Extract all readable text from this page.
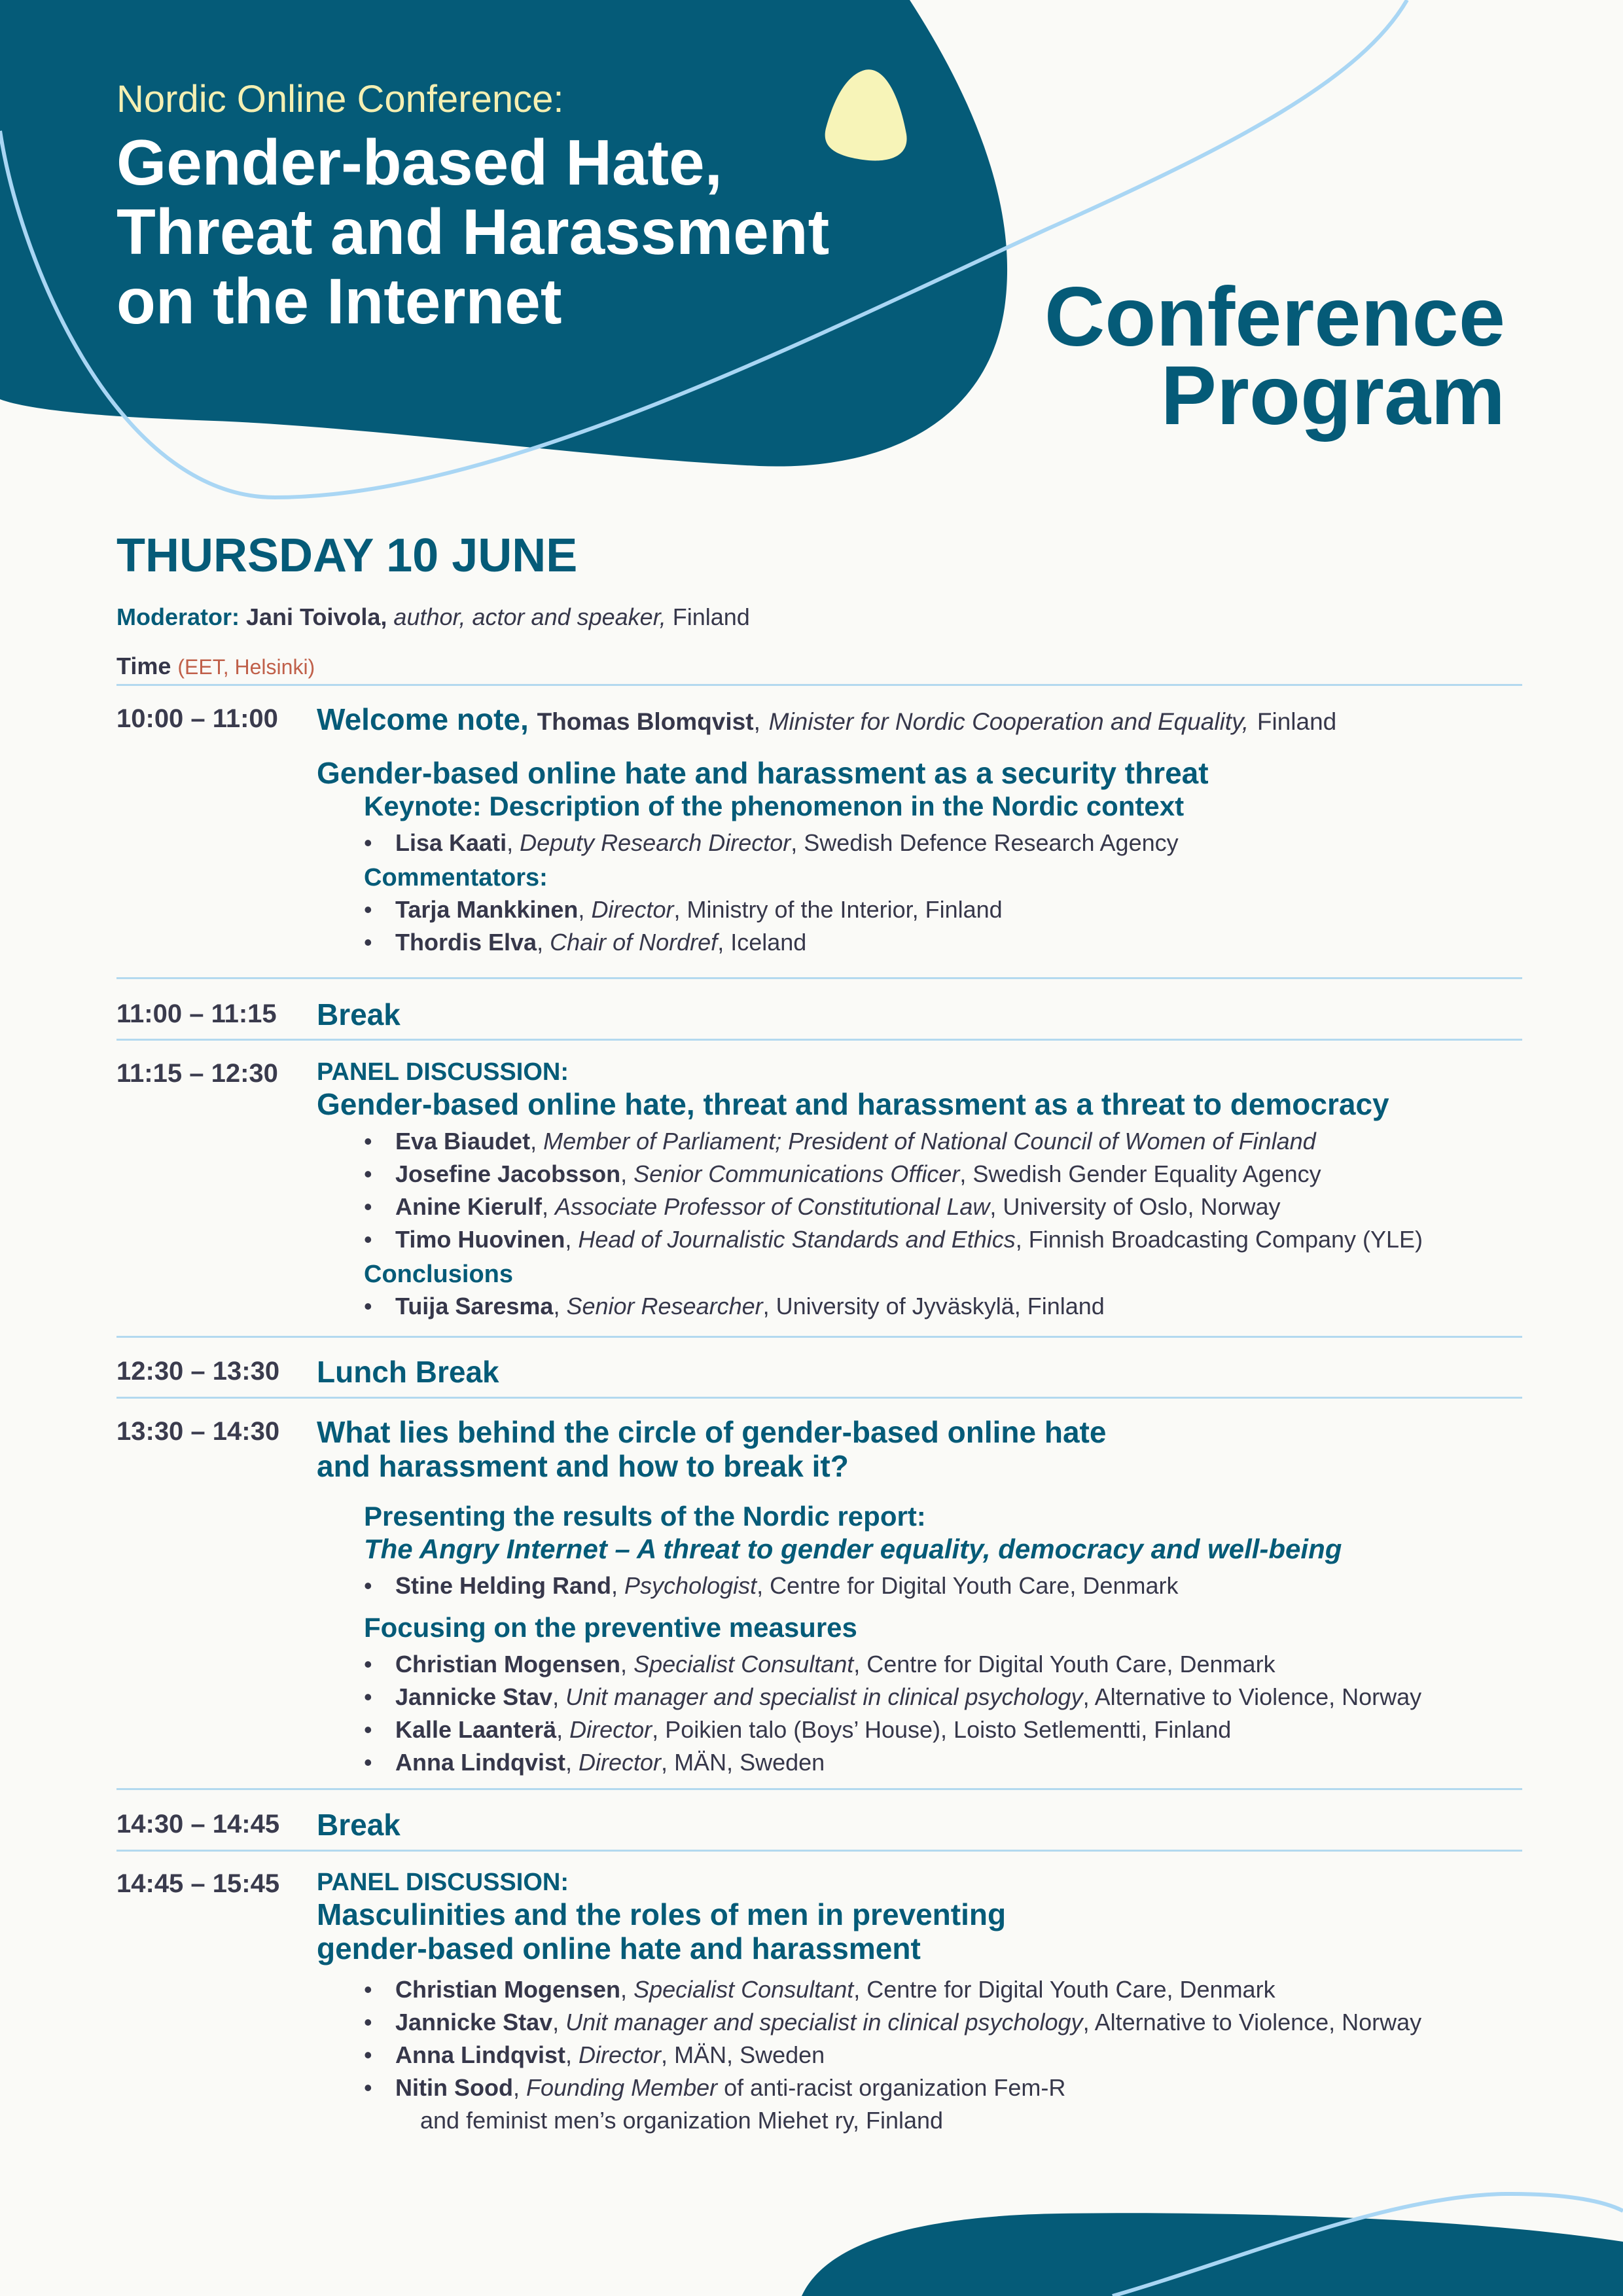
Nordic Online Conference:
Gender-based Hate,
Threat and Harassment
on the Internet	Conference
Program
THURSDAY 10 JUNE
Moderator: Jani Toivola, author, actor and speaker, Finland
Time (EET, Helsinki)
10:00 – 11:00 Welcome note, Thomas Blomqvist, Minister for Nordic Cooperation and Equality, Finland
Gender-based online hate and harassment as a security threat
Keynote: Description of the phenomenon in the Nordic context
• Lisa Kaati, Deputy Research Director, Swedish Defence Research Agency
Commentators:
• Tarja Mankkinen, Director, Ministry of the Interior, Finland
• Thordis Elva, Chair of Nordref, Iceland
11:00 – 11:15 Break
11:15 – 12:30 PANEL DISCUSSION:
Gender-based online hate, threat and harassment as a threat to democracy
• Eva Biaudet, Member of Parliament; President of National Council of Women of Finland
• Josefine Jacobsson, Senior Communications Officer, Swedish Gender Equality Agency
• Anine Kierulf, Associate Professor of Constitutional Law, University of Oslo, Norway
• Timo Huovinen, Head of Journalistic Standards and Ethics, Finnish Broadcasting Company (YLE)
Conclusions
• Tuija Saresma, Senior Researcher, University of Jyväskylä, Finland
12:30 – 13:30 Lunch Break
13:30 – 14:30 What lies behind the circle of gender-based online hate
and harassment and how to break it?
Presenting the results of the Nordic report:
The Angry Internet – A threat to gender equality, democracy and well-being
• Stine Helding Rand, Psychologist, Centre for Digital Youth Care, Denmark
Focusing on the preventive measures
• Christian Mogensen, Specialist Consultant, Centre for Digital Youth Care, Denmark
• Jannicke Stav, Unit manager and specialist in clinical psychology, Alternative to Violence, Norway
• Kalle Laanterä, Director, Poikien talo (Boys’ House), Loisto Setlementti, Finland
• Anna Lindqvist, Director, MÄN, Sweden
14:30 – 14:45 Break
14:45 – 15:45 PANEL DISCUSSION:
Masculinities and the roles of men in preventing
gender-based online hate and harassment
• Christian Mogensen, Specialist Consultant, Centre for Digital Youth Care, Denmark
• Jannicke Stav, Unit manager and specialist in clinical psychology, Alternative to Violence, Norway
• Anna Lindqvist, Director, MÄN, Sweden
• Nitin Sood, Founding Member of anti-racist organization Fem-R
and feminist men’s organization Miehet ry, Finland
